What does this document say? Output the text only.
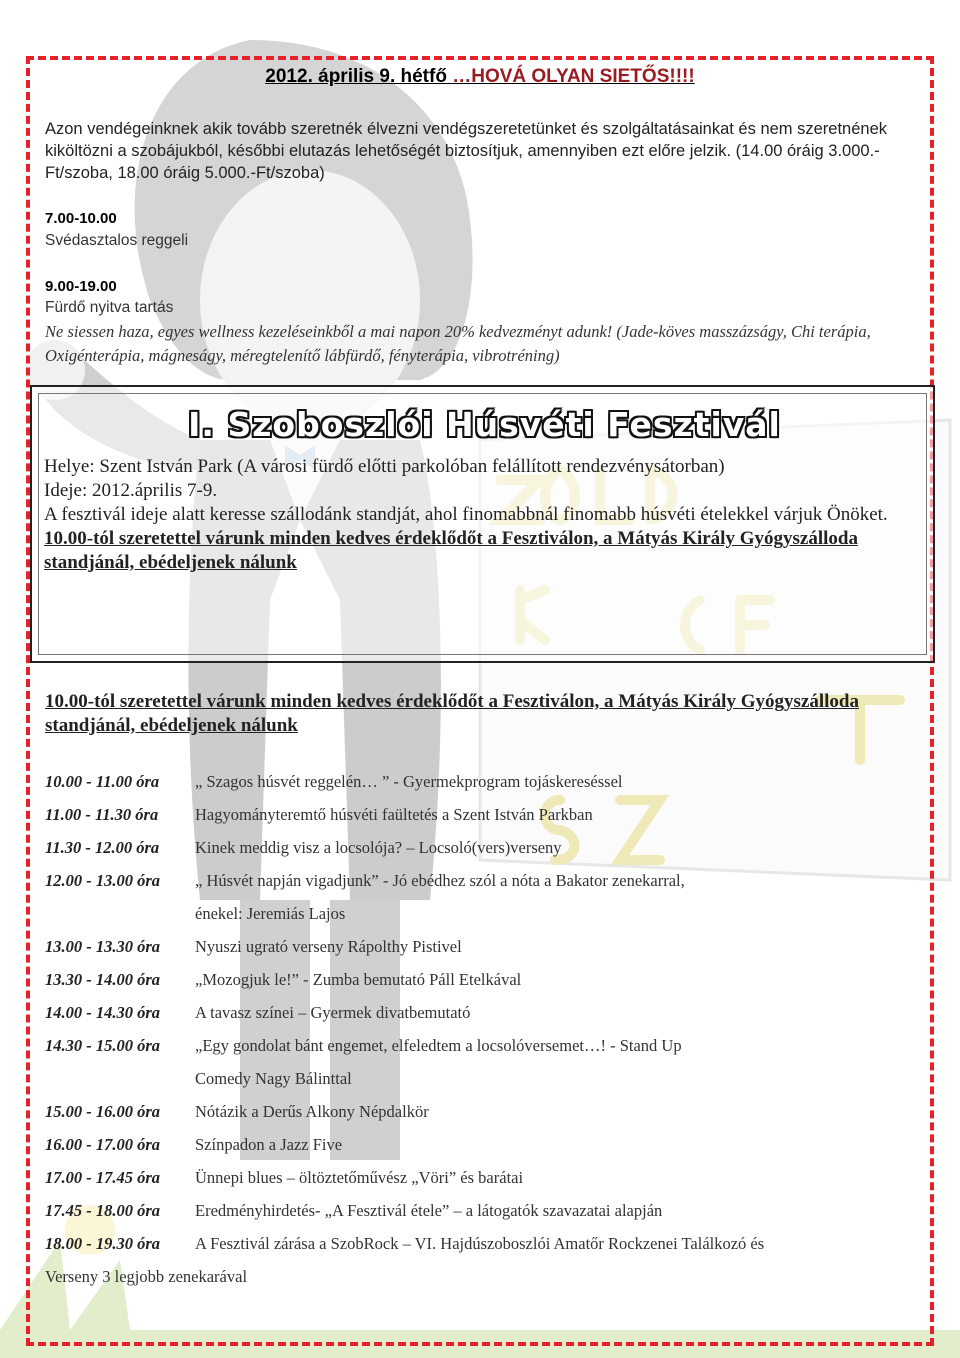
2012. április 9. hétfő …HOVÁ OLYAN SIETŐS!!!!
Azon vendégeinknek akik tovább szeretnék élvezni vendégszeretetünket és szolgáltatásainkat és nem szeretnének kiköltözni a szobájukból, későbbi elutazás lehetőségét biztosítjuk, amennyiben ezt előre jelzik. (14.00 óráig 3.000.-Ft/szoba, 18.00 óráig 5.000.-Ft/szoba)
7.00-10.00
Svédasztalos reggeli
9.00-19.00
Fürdő nyitva tartás
Ne siessen haza, egyes wellness kezeléseinkből a mai napon 20% kedvezményt adunk! (Jade-köves masszázságy, Chi terápia, Oxigénterápia, mágneságy, méregtelenítő lábfürdő, fényterápia, vibrotréning)
I. Szoboszlói Húsvéti Fesztivál
Helye: Szent István Park (A városi fürdő előtti parkolóban felállított rendezvénysátorban)
Ideje: 2012.április 7-9.
A fesztivál ideje alatt keresse szállodánk standját, ahol finomabbnál finomabb húsvéti ételekkel várjuk Önöket.
10.00-tól szeretettel várunk minden kedves érdeklődőt a Fesztiválon, a Mátyás Király Gyógyszálloda standjánál, ebédeljenek nálunk
10.00-tól szeretettel várunk minden kedves érdeklődőt a Fesztiválon, a Mátyás Király Gyógyszálloda standjánál, ebédeljenek nálunk
10.00 - 11.00 óra „ Szagos húsvét reggelén… ” - Gyermekprogram tojáskereséssel
11.00 - 11.30 óra Hagyományteremtő húsvéti faültetés a Szent István Parkban
11.30 - 12.00 óra Kinek meddig visz a locsolója? – Locsoló(vers)verseny
12.00 - 13.00 óra „ Húsvét napján vigadjunk” - Jó ebédhez szól a nóta a Bakator zenekarral,
énekel: Jeremiás Lajos
13.00 - 13.30 óra Nyuszi ugrató verseny Rápolthy Pistivel
13.30 - 14.00 óra „Mozogjuk le!” - Zumba bemutató Páll Etelkával
14.00 - 14.30 óra A tavasz színei – Gyermek divatbemutató
14.30 - 15.00 óra „Egy gondolat bánt engemet, elfeledtem a locsolóversemet…! - Stand Up
Comedy Nagy Bálinttal
15.00 - 16.00 óra Nótázik a Derűs Alkony Népdalkör
16.00 - 17.00 óra Színpadon a Jazz Five
17.00 - 17.45 óra Ünnepi blues – öltöztetőművész „Vöri” és barátai
17.45 - 18.00 óra Eredményhirdetés- „A Fesztivál étele” – a látogatók szavazatai alapján
18.00 - 19.30 óra A Fesztivál zárása a SzobRock – VI. Hajdúszoboszlói Amatőr Rockzenei Találkozó és
Verseny 3 legjobb zenekarával
